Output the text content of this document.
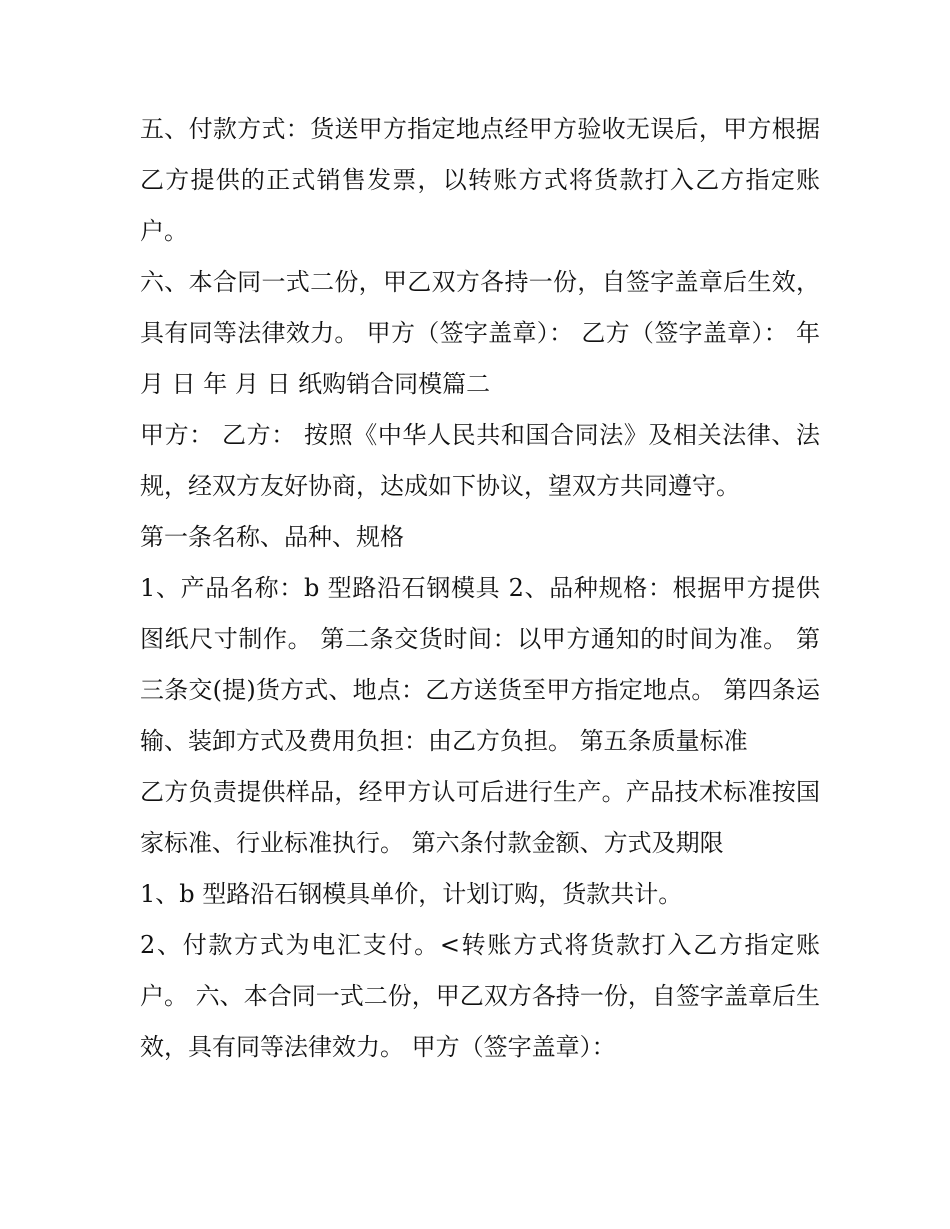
五、付款方式：货送甲方指定地点经甲方验收无误后，甲方根据乙方提供的正式销售发票，以转账方式将货款打入乙方指定账户。

六、本合同一式二份，甲乙双方各持一份，自签字盖章后生效，具有同等法律效力。 甲方（签字盖章）： 乙方（签字盖章）： 年 月 日 年 月 日 纸购销合同模篇二

甲方： 乙方： 按照《中华人民共和国合同法》及相关法律、法规，经双方友好协商，达成如下协议，望双方共同遵守。

第一条名称、品种、规格

1、产品名称：b 型路沿石钢模具 2、品种规格：根据甲方提供图纸尺寸制作。 第二条交货时间：以甲方通知的时间为准。 第三条交(提)货方式、地点：乙方送货至甲方指定地点。 第四条运输、装卸方式及费用负担：由乙方负担。 第五条质量标准

乙方负责提供样品，经甲方认可后进行生产。产品技术标准按国家标准、行业标准执行。 第六条付款金额、方式及期限

1、b 型路沿石钢模具单价，计划订购，货款共计。

2、付款方式为电汇支付。<转账方式将货款打入乙方指定账户。 六、本合同一式二份，甲乙双方各持一份，自签字盖章后生效，具有同等法律效力。 甲方（签字盖章）：
